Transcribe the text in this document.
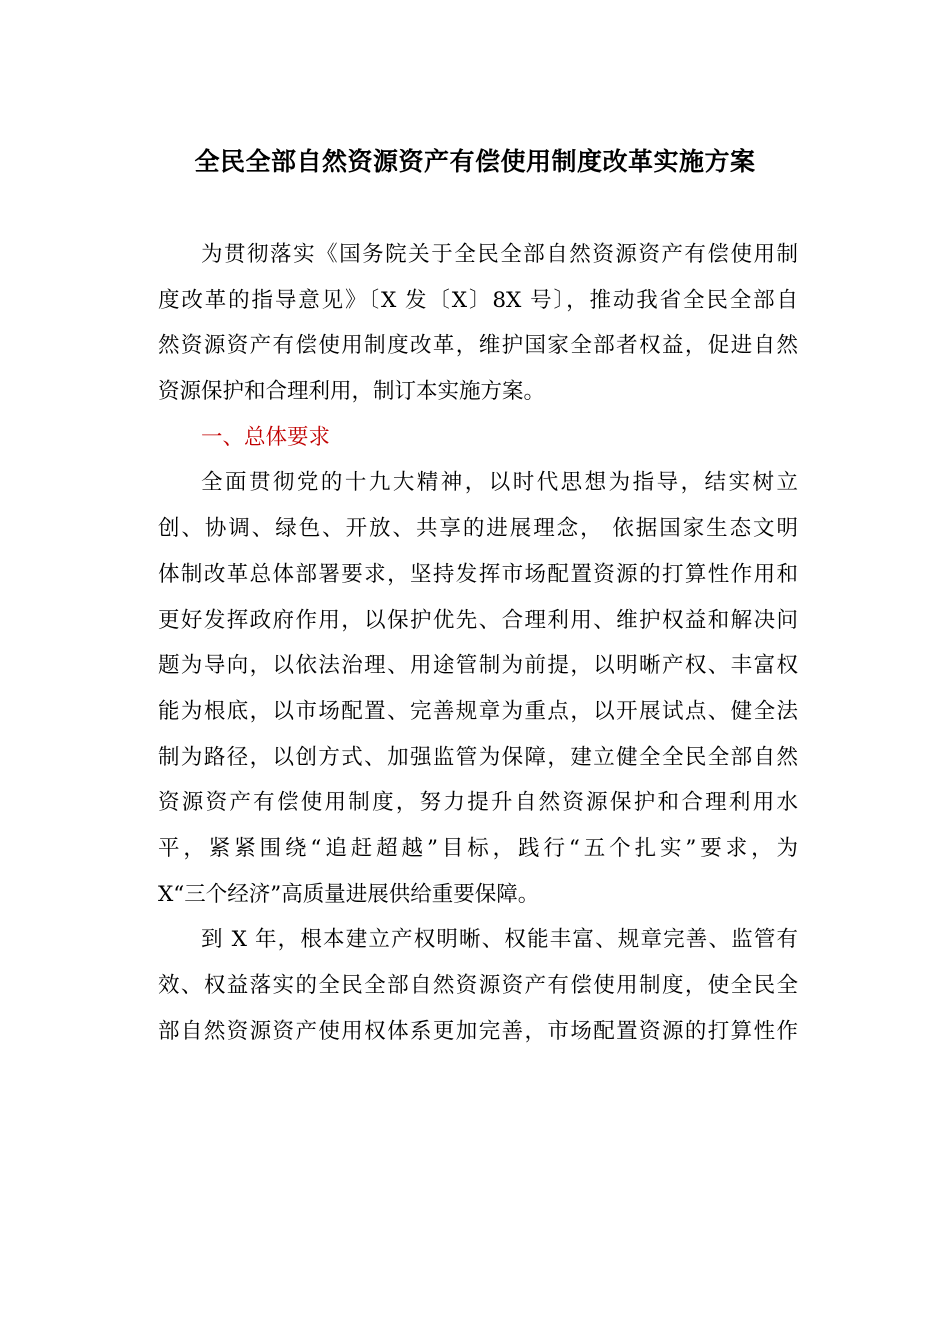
全民全部自然资源资产有偿使用制度改革实施方案
为贯彻落实《国务院关于全民全部自然资源资产有偿使用制
度改革的指导意见》〔X 发〔X〕8X 号〕，推动我省全民全部自
然资源资产有偿使用制度改革，维护国家全部者权益，促进自然
资源保护和合理利用，制订本实施方案。
一、总体要求
全面贯彻党的十九大精神，以时代思想为指导，结实树立
创、协调、绿色、开放、共享的进展理念， 依据国家生态文明
体制改革总体部署要求，坚持发挥市场配置资源的打算性作用和
更好发挥政府作用，以保护优先、合理利用、维护权益和解决问
题为导向，以依法治理、用途管制为前提，以明晰产权、丰富权
能为根底，以市场配置、完善规章为重点，以开展试点、健全法
制为路径，以创方式、加强监管为保障，建立健全全民全部自然
资源资产有偿使用制度，努力提升自然资源保护和合理利用水
平，紧紧围绕“追赶超越”目标，践行“五个扎实”要求，为
X“三个经济”高质量进展供给重要保障。
到 X 年，根本建立产权明晰、权能丰富、规章完善、监管有
效、权益落实的全民全部自然资源资产有偿使用制度，使全民全
部自然资源资产使用权体系更加完善，市场配置资源的打算性作
